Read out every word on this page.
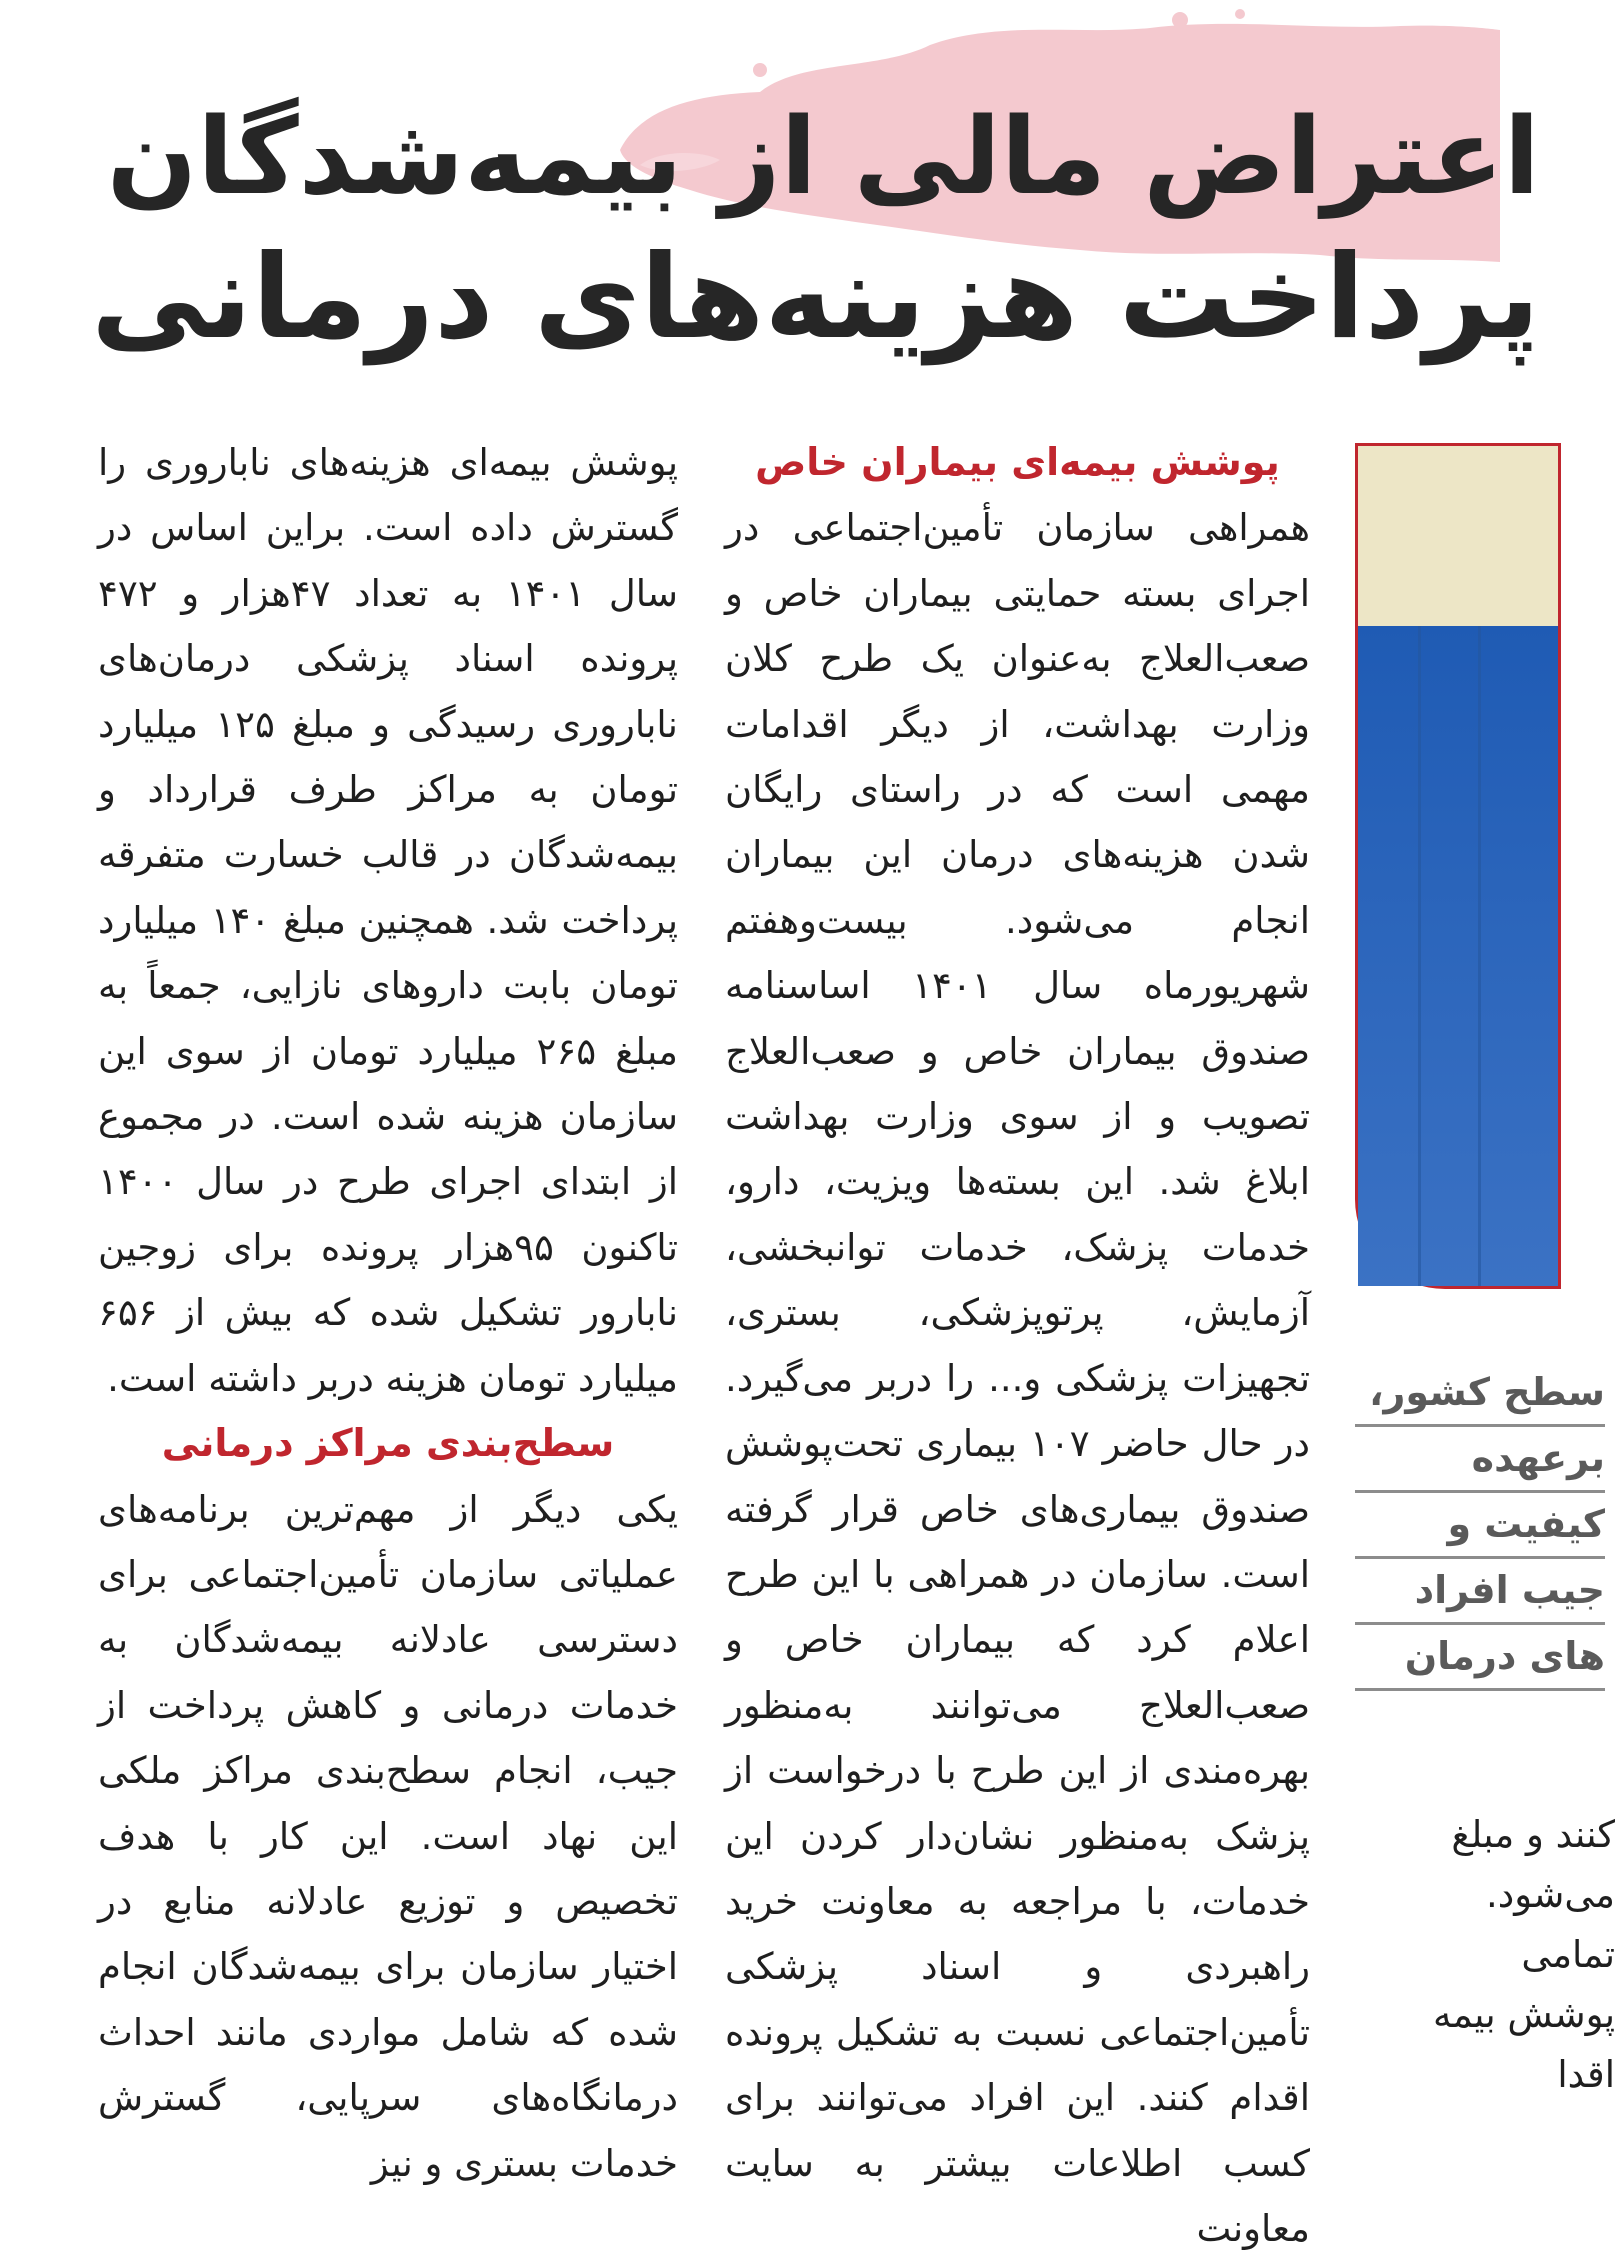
اعتراض مالی از بیمه‌شدگان
پرداخت هزینه‌های درمانی
پوشش بیمه‌ای بیماران خاص

همراهی سازمان تأمین‌اجتماعی در اجرای بسته حمایتی بیماران خاص و صعب‌العلاج به‌عنوان یک طرح کلان وزارت بهداشت، از دیگر اقدامات مهمی است که در راستای رایگان شدن هزینه‌های درمان این بیماران انجام می‌شود. بیست‌وهفتم شهریورماه سال ۱۴۰۱ اساسنامه صندوق بیماران خاص و صعب‌العلاج تصویب و از سوی وزارت بهداشت ابلاغ شد. این بسته‌ها ویزیت، دارو، خدمات پزشک، خدمات توانبخشی، آزمایش، پرتوپزشکی، بستری، تجهیزات پزشکی و... را دربر می‌گیرد. در حال حاضر ۱۰۷ بیماری تحت‌پوشش صندوق بیماری‌های خاص قرار گرفته است. سازمان در همراهی با این طرح اعلام کرد که بیماران خاص و صعب‌العلاج می‌توانند به‌منظور بهره‌مندی از این طرح با درخواست از پزشک به‌منظور نشان‌دار کردن این خدمات، با مراجعه به معاونت خرید راهبردی و اسناد پزشکی تأمین‌اجتماعی نسبت به تشکیل پرونده اقدام کنند. این افراد می‌توانند برای کسب اطلاعات بیشتر به سایت معاونت

پوشش بیمه‌ای هزینه‌های ناباروری را گسترش داده است. براین اساس در سال ۱۴۰۱ به تعداد ۴۷هزار و ۴۷۲ پرونده اسناد پزشکی درمان‌های ناباروری رسیدگی و مبلغ ۱۲۵ میلیارد تومان به مراکز طرف قرارداد و بیمه‌شدگان در قالب خسارت متفرقه پرداخت شد. همچنین مبلغ ۱۴۰ میلیارد تومان بابت داروهای نازایی، جمعاً به مبلغ ۲۶۵ میلیارد تومان از سوی این سازمان هزینه شده است. در مجموع از ابتدای اجرای طرح در سال ۱۴۰۰ تاکنون ۹۵هزار پرونده برای زوجین نابارور تشکیل شده که بیش از ۶۵۶ میلیارد تومان هزینه دربر داشته است.

سطح‌بندی مراکز درمانی

یکی دیگر از مهم‌ترین برنامه‌های عملیاتی سازمان تأمین‌اجتماعی برای دسترسی عادلانه بیمه‌شدگان به خدمات درمانی و کاهش پرداخت از جیب، انجام سطح‌بندی مراکز ملکی این نهاد است. این کار با هدف تخصیص و توزیع عادلانه منابع در اختیار سازمان برای بیمه‌شدگان انجام شده که شامل مواردی مانند احداث درمانگاه‌های سرپایی، گسترش خدمات بستری و نیز

سطح کشور،
برعهده
کیفیت و
جیب افراد
های درمان
کنند و مبلغ
می‌شود.
تمامی
پوشش بیمه
اقدا
